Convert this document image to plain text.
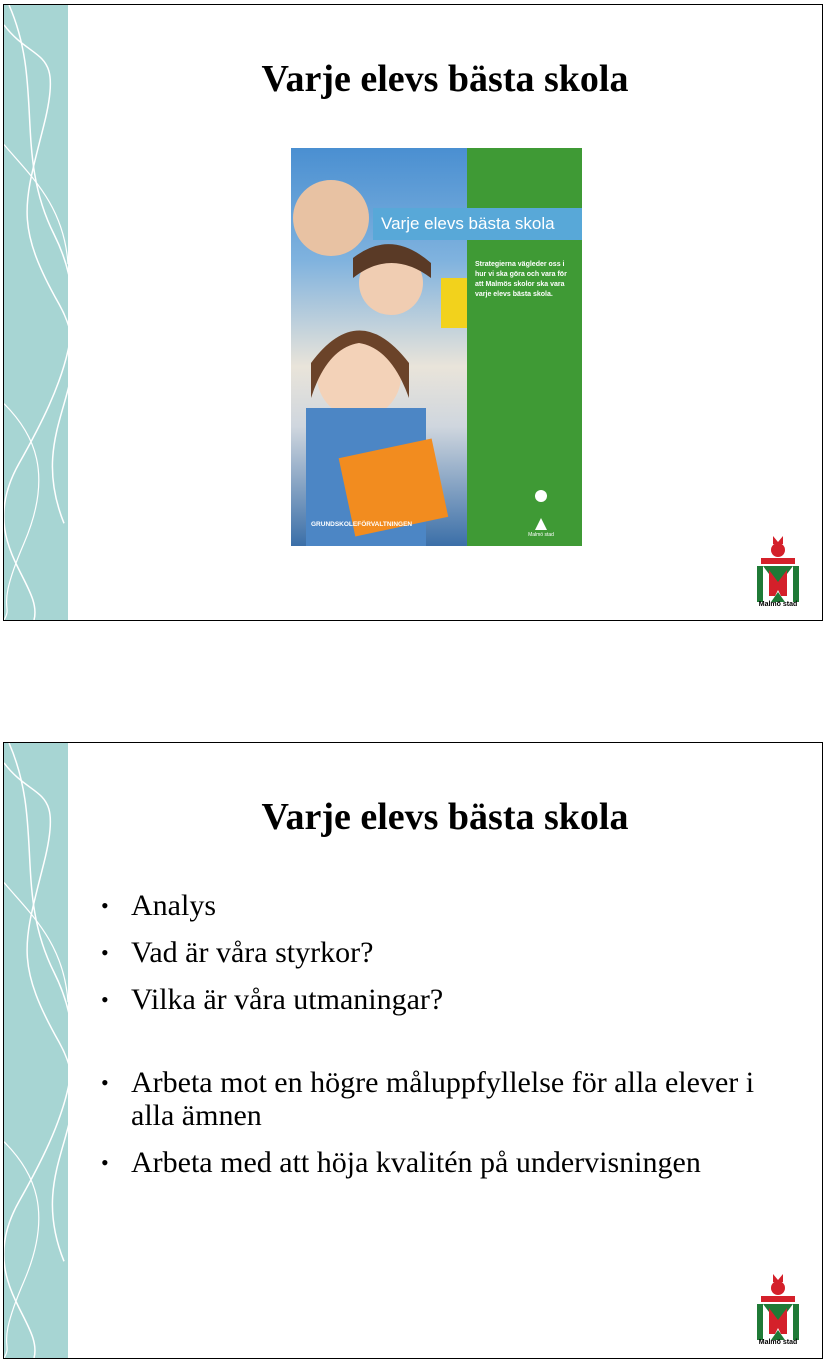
Varje elevs bästa skola
Varje elevs bästa skola

Strategierna vägleder oss i hur vi ska göra och vara för att Malmös skolor ska vara varje elevs bästa skola.

GRUNDSKOLEFÖRVALTNINGEN
Malmö stad
Malmö stad
Varje elevs bästa skola
• Analys
• Vad är våra styrkor?
• Vilka är våra utmaningar?
• Arbeta mot en högre måluppfyllelse för alla elever i alla ämnen
• Arbeta med att höja kvalitén på undervisningen
Malmö stad
